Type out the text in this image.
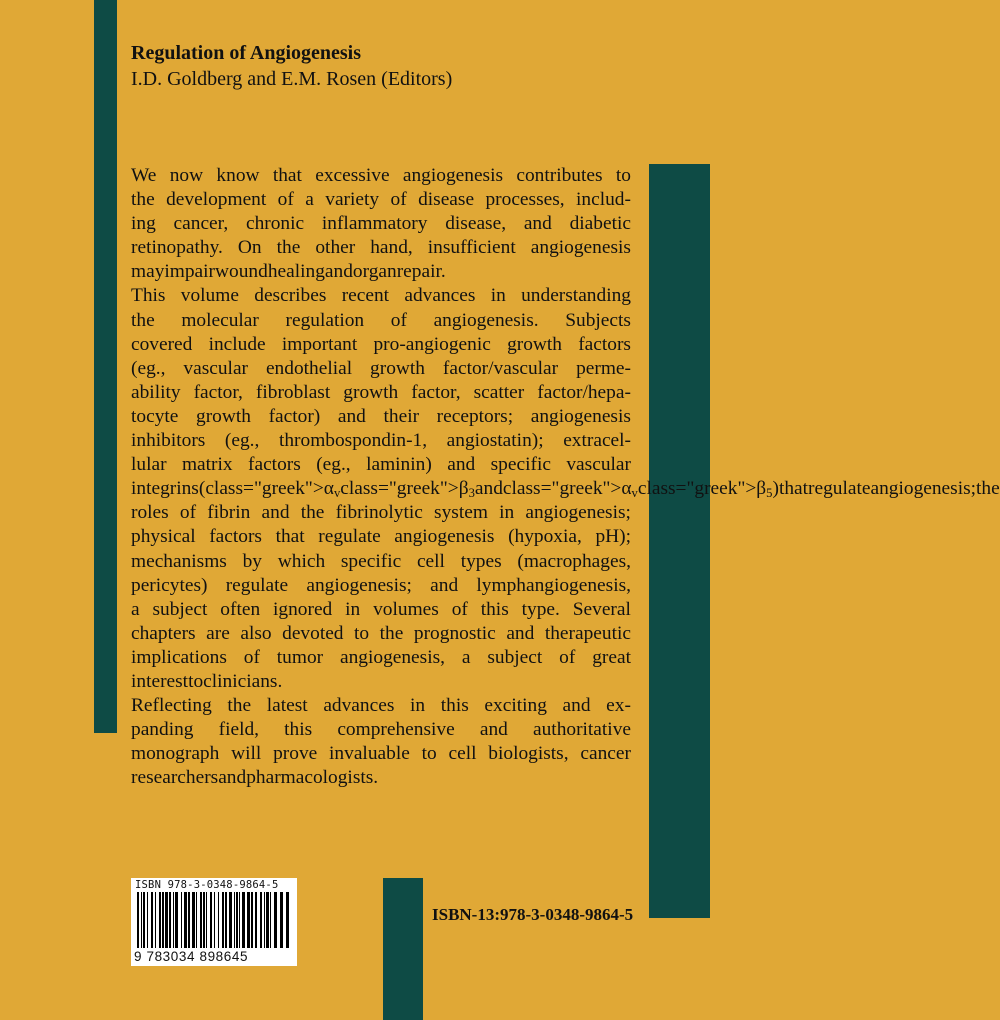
Regulation of Angiogenesis
I.D. Goldberg and E.M. Rosen (Editors)
We now know that excessive angiogenesis contributes to
the development of a variety of disease processes, includ-
ing cancer, chronic inflammatory disease, and diabetic
retinopathy. On the other hand, insufficient angiogenesis
may impair wound healing and organ repair.
This volume describes recent advances in understanding
the molecular regulation of angiogenesis. Subjects
covered include important pro-angiogenic growth factors
(eg., vascular endothelial growth factor/vascular perme-
ability factor, fibroblast growth factor, scatter factor/hepa-
tocyte growth factor) and their receptors; angiogenesis
inhibitors (eg., thrombospondin-1, angiostatin); extracel-
lular matrix factors (eg., laminin) and specific vascular
integrins ( $class="greek">\alpha_v$ $class="greek">\beta_3$ and $class="greek">\alpha_v$ $class="greek">\beta_5$) that regulate angiogenesis; the
roles of fibrin and the fibrinolytic system in angiogenesis;
physical factors that regulate angiogenesis (hypoxia, pH);
mechanisms by which specific cell types (macrophages,
pericytes) regulate angiogenesis; and lymphangiogenesis,
a subject often ignored in volumes of this type. Several
chapters are also devoted to the prognostic and therapeutic
implications of tumor angiogenesis, a subject of great
interest to clinicians.
Reflecting the latest advances in this exciting and ex-
panding field, this comprehensive and authoritative
monograph will prove invaluable to cell biologists, cancer
researchers and pharmacologists.
ISBN 978-3-0348-9864-5
9 783034 898645
ISBN-13:978-3-0348-9864-5
